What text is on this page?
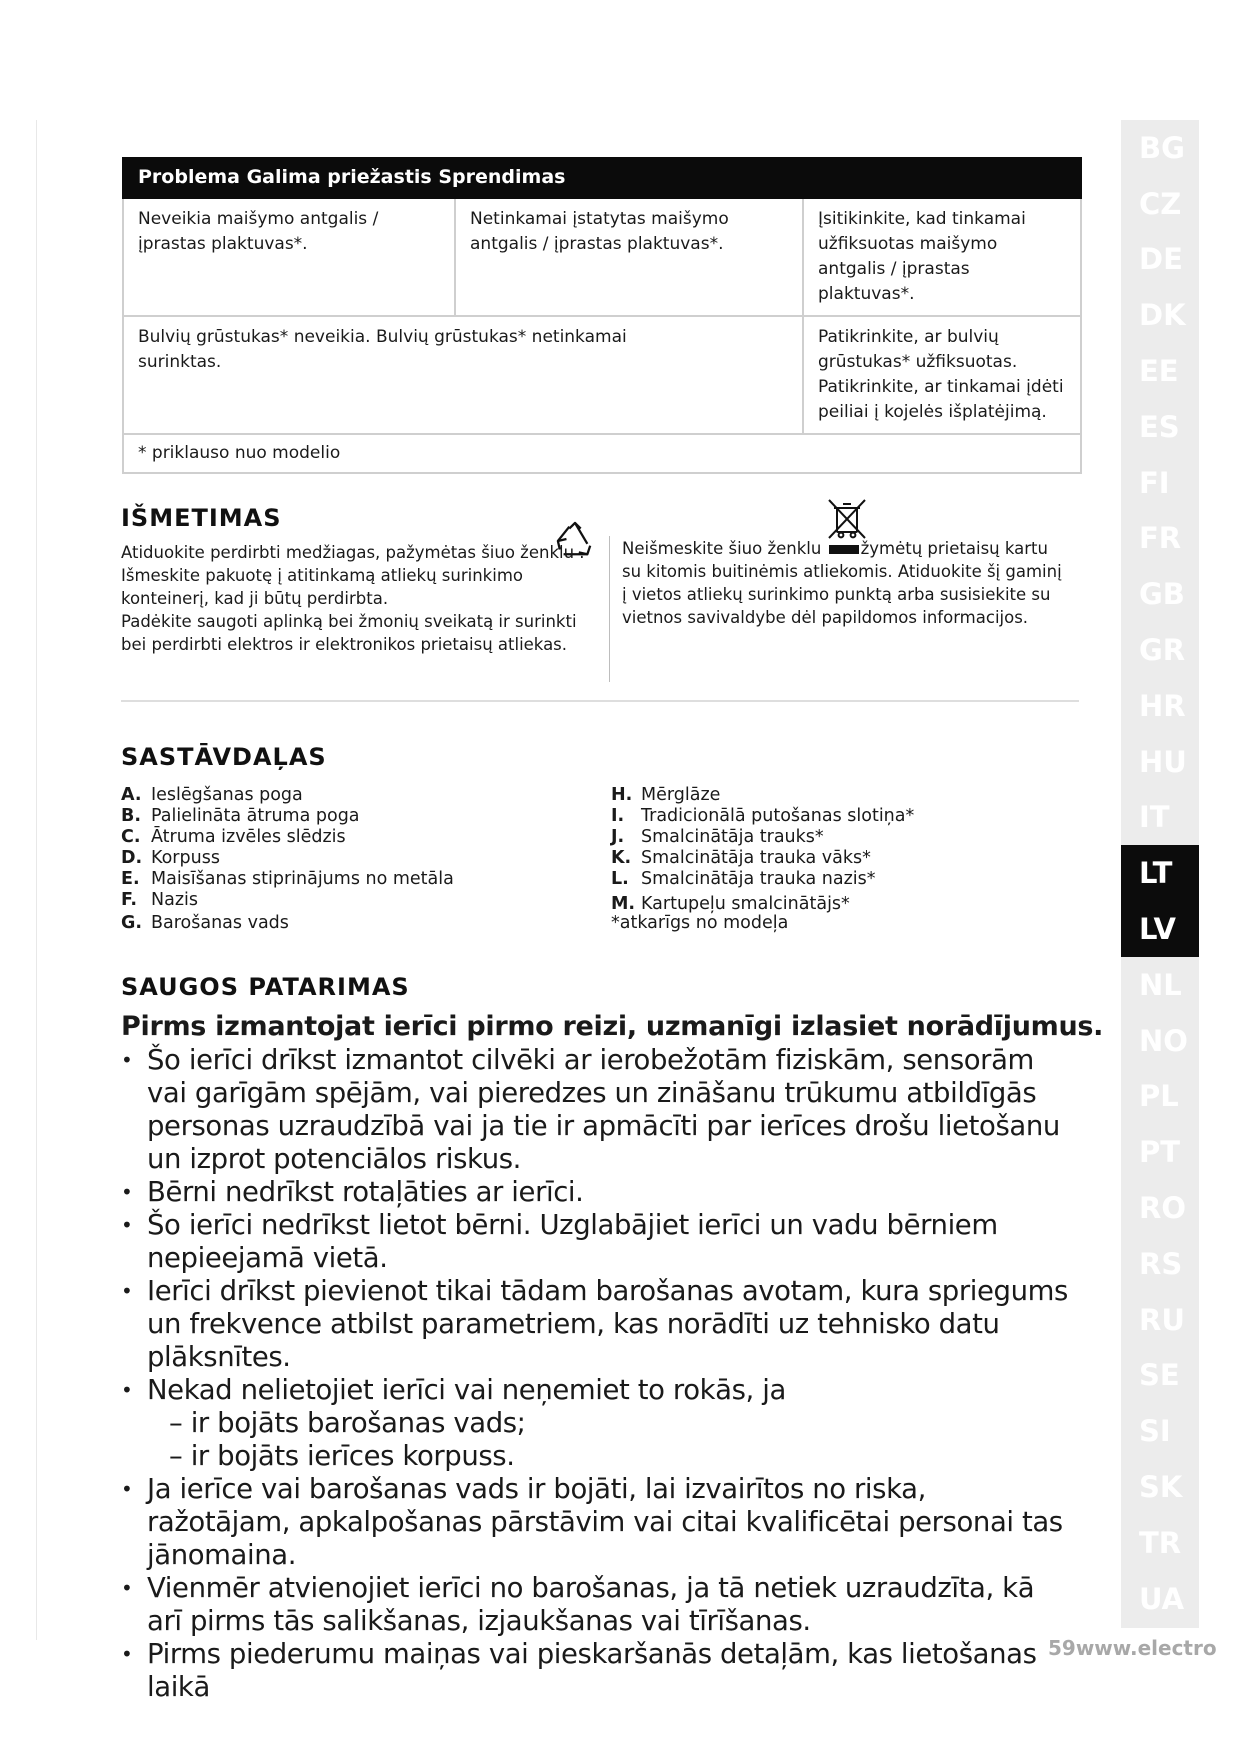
Problema Galima priežastis Sprendimas		
Neveikia maišymo antgalis / įprastas plaktuvas*.	Netinkamai įstatytas maišymo antgalis / įprastas plaktuvas*.	Įsitikinkite, kad tinkamai užfiksuotas maišymo antgalis / įprastas plaktuvas*.

Bulvių grūstukas* neveikia. Bulvių grūstukas* netinkamai surinktas.		Patikrinkite, ar bulvių grūstukas* užfiksuotas. Patikrinkite, ar tinkamai įdėti peiliai į kojelės išplatėjimą.
* priklauso nuo modelio		
IŠMETIMAS

Atiduokite perdirbti medžiagas, pažymėtas šiuo ženklu . Išmeskite pakuotę į atitinkamą atliekų surinkimo konteinerį, kad ji būtų perdirbta.

Padėkite saugoti aplinką bei žmonių sveikatą ir surinkti bei perdirbti elektros ir elektronikos prietaisų atliekas.

Neišmeskite šiuo ženklu žymėtų prietaisų kartu su kitomis buitinėmis atliekomis. Atiduokite šį gaminį į vietos atliekų surinkimo punktą arba susisiekite su vietnos savivaldybe dėl papildomos informacijos.

SASTĀVDAĻAS
A. Ieslēgšanas poga
B. Palielināta ātruma poga
C. Ātruma izvēles slēdzis
D. Korpuss
E. Maisīšanas stiprinājums no metāla
F. Nazis
G. Barošanas vads
H. Mērglāze
I. Tradicionālā putošanas slotiņa*
J. Smalcinātāja trauks*
K. Smalcinātāja trauka vāks*
L. Smalcinātāja trauka nazis*
M. Kartupeļu smalcinātājs*
*atkarīgs no modeļa
SAUGOS PATARIMAS

Pirms izmantojat ierīci pirmo reizi, uzmanīgi izlasiet norādījumus.

• Šo ierīci drīkst izmantot cilvēki ar ierobežotām fiziskām, sensorām vai garīgām spējām, vai pieredzes un zināšanu trūkumu atbildīgās personas uzraudzībā vai ja tie ir apmācīti par ierīces drošu lietošanu un izprot potenciālos riskus.
• Bērni nedrīkst rotaļāties ar ierīci.
• Šo ierīci nedrīkst lietot bērni. Uzglabājiet ierīci un vadu bērniem nepieejamā vietā.
• Ierīci drīkst pievienot tikai tādam barošanas avotam, kura spriegums un frekvence atbilst parametriem, kas norādīti uz tehnisko datu plāksnītes.
• Nekad nelietojiet ierīci vai neņemiet to rokās, ja
– ir bojāts barošanas vads;
– ir bojāts ierīces korpuss.
• Ja ierīce vai barošanas vads ir bojāti, lai izvairītos no riska, ražotājam, apkalpošanas pārstāvim vai citai kvalificētai personai tas jānomaina.
• Vienmēr atvienojiet ierīci no barošanas, ja tā netiek uzraudzīta, kā arī pirms tās salikšanas, izjaukšanas vai tīrīšanas.
• Pirms piederumu maiņas vai pieskaršanās detaļām, kas lietošanas laikā
BG
CZ
DE
DK
EE
ES
FI
FR
GB
GR
HR
HU
IT
LT
LV
NL
NO
PL
PT
RO
RS
RU
SE
SI
SK
TR
UA
59www.electro
